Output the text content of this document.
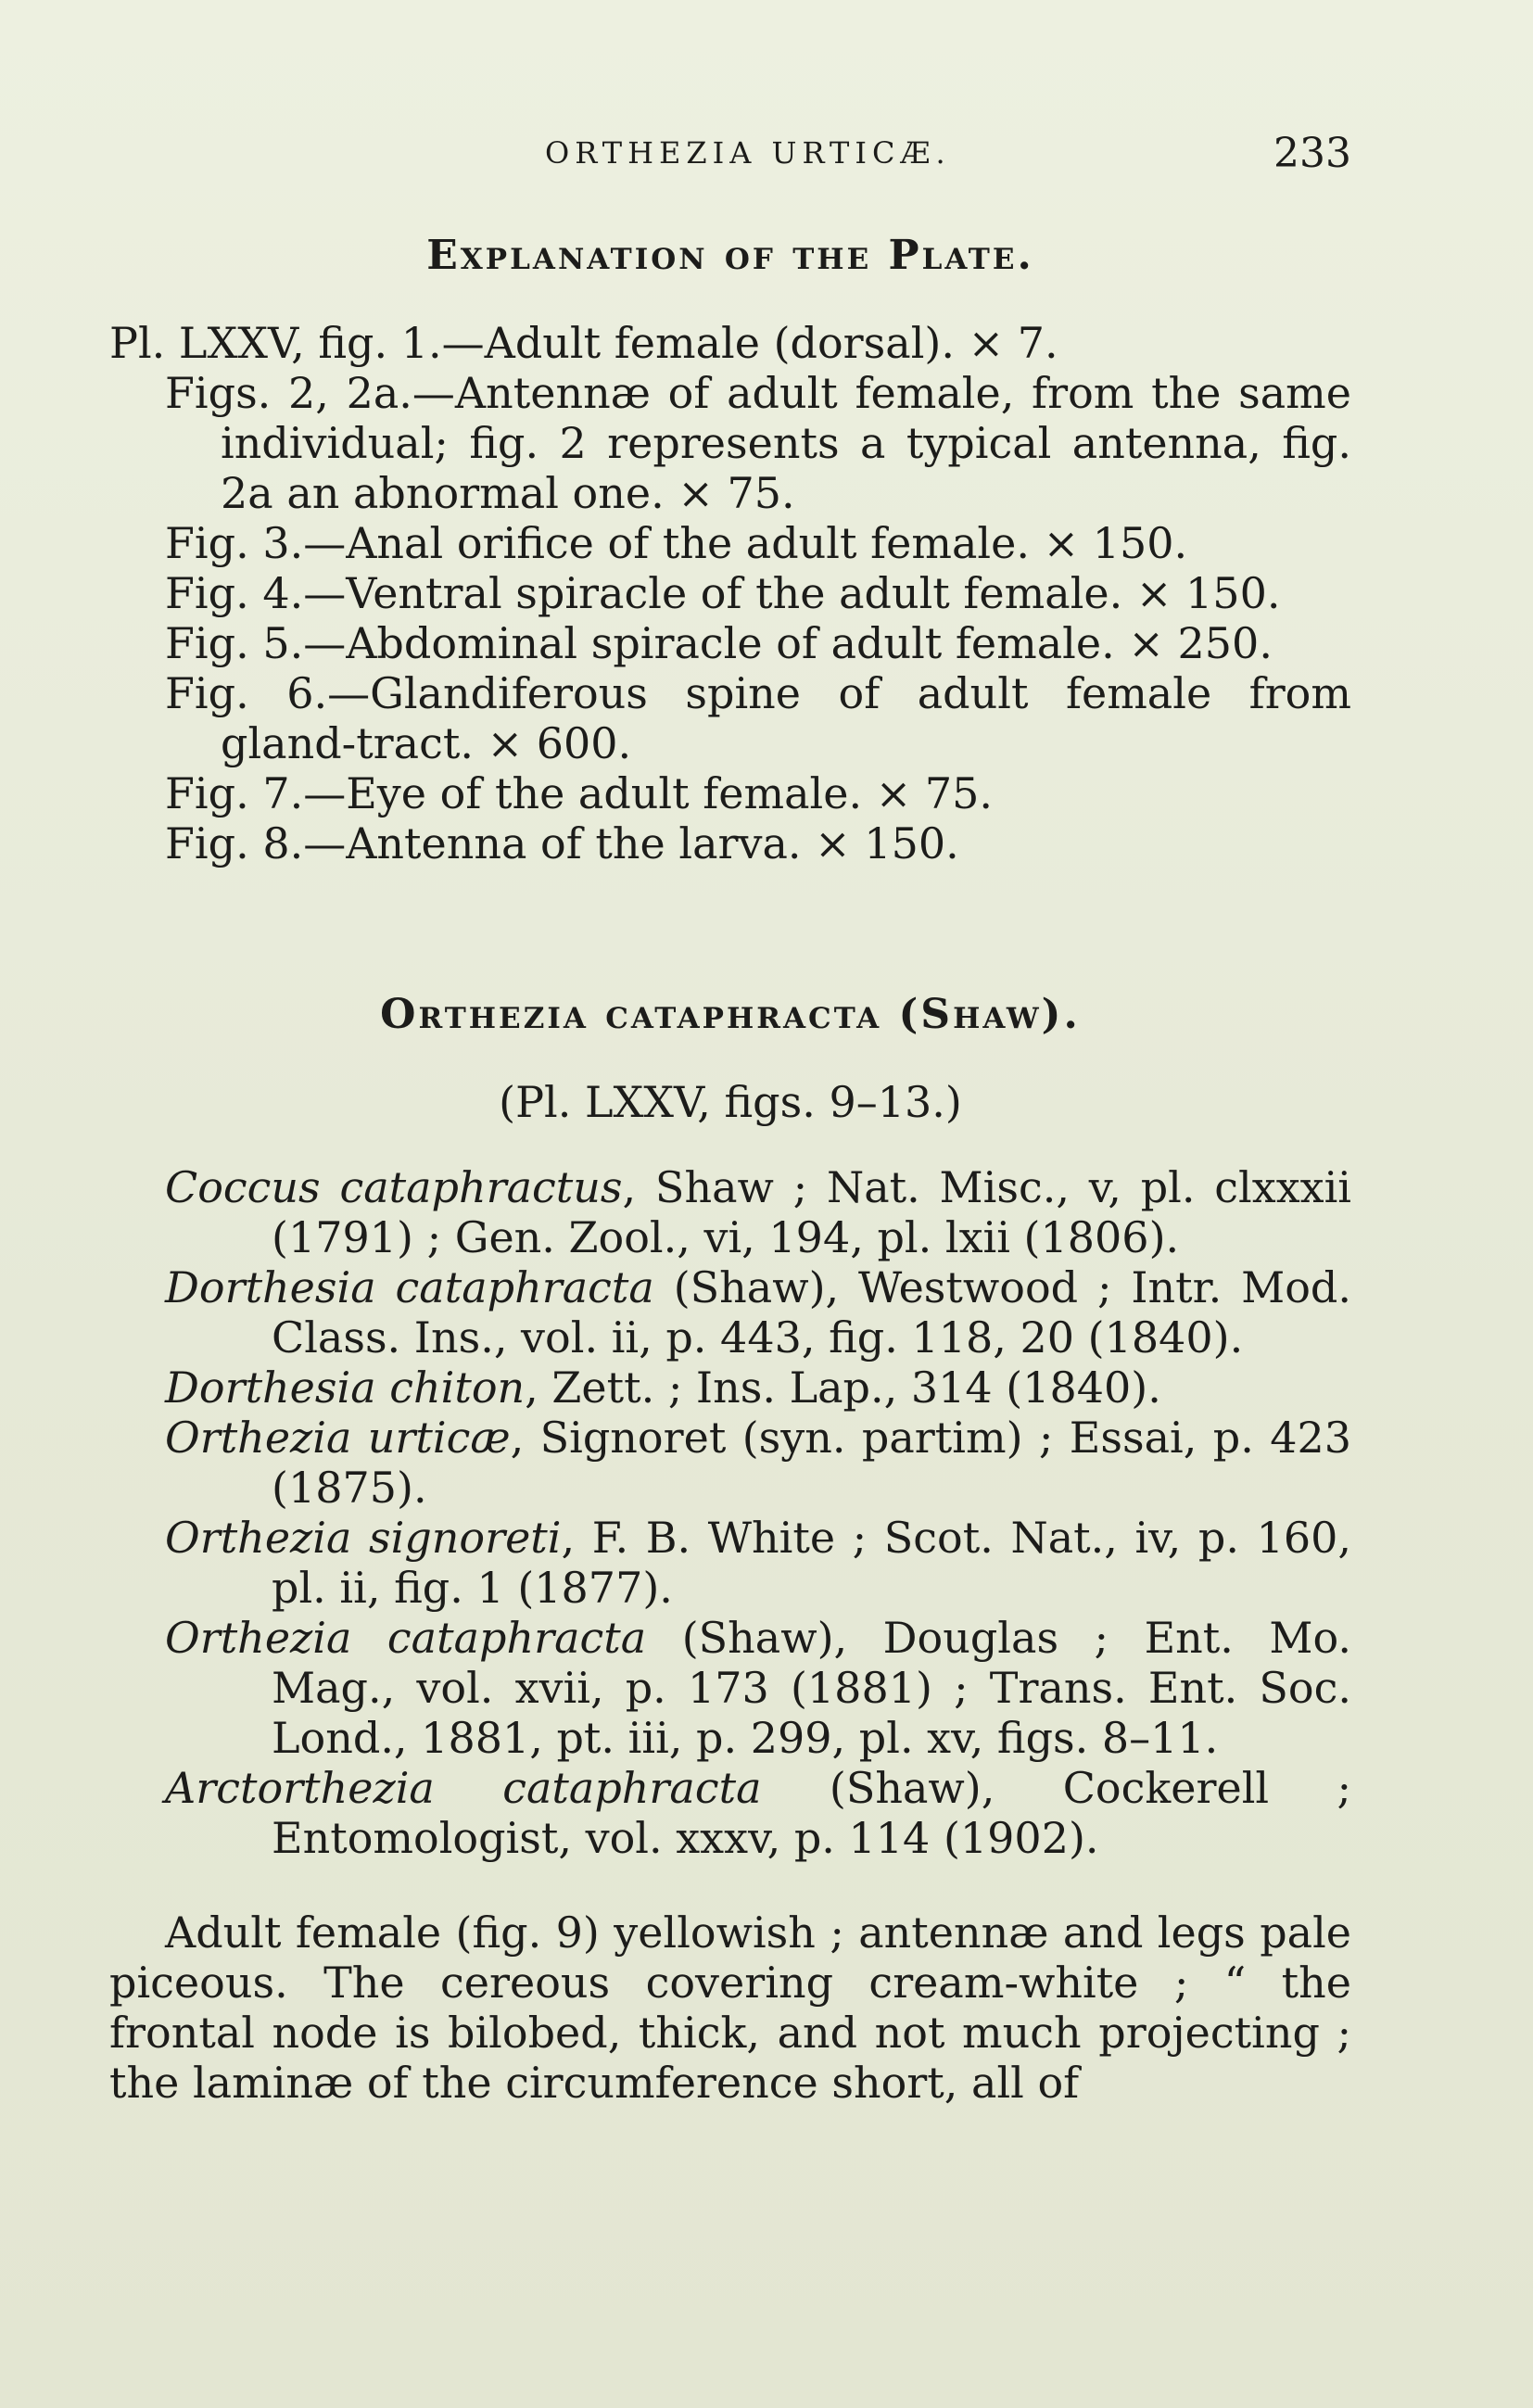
ORTHEZIA URTICÆ.	233
Explanation of the Plate.
Pl. LXXV, fig. 1.—Adult female (dorsal). × 7.
Figs. 2, 2a.—Antennæ of adult female, from the same individual; fig. 2 represents a typical antenna, fig. 2a an abnormal one. × 75.
Fig. 3.—Anal orifice of the adult female. × 150.
Fig. 4.—Ventral spiracle of the adult female. × 150.
Fig. 5.—Abdominal spiracle of adult female. × 250.
Fig. 6.—Glandiferous spine of adult female from gland-tract. × 600.
Fig. 7.—Eye of the adult female. × 75.
Fig. 8.—Antenna of the larva. × 150.
Orthezia cataphracta (Shaw).

(Pl. LXXV, figs. 9–13.)

Coccus cataphractus, Shaw ; Nat. Misc., v, pl. clxxxii (1791) ; Gen. Zool., vi, 194, pl. lxii (1806).
Dorthesia cataphracta (Shaw), Westwood ; Intr. Mod. Class. Ins., vol. ii, p. 443, fig. 118, 20 (1840).
Dorthesia chiton, Zett. ; Ins. Lap., 314 (1840).
Orthezia urticæ, Signoret (syn. partim) ; Essai, p. 423 (1875).
Orthezia signoreti, F. B. White ; Scot. Nat., iv, p. 160, pl. ii, fig. 1 (1877).
Orthezia cataphracta (Shaw), Douglas ; Ent. Mo. Mag., vol. xvii, p. 173 (1881) ; Trans. Ent. Soc. Lond., 1881, pt. iii, p. 299, pl. xv, figs. 8–11.
Arctorthezia cataphracta (Shaw), Cockerell ; Entomologist, vol. xxxv, p. 114 (1902).

Adult female (fig. 9) yellowish ; antennæ and legs pale piceous. The cereous covering cream-white ; “ the frontal node is bilobed, thick, and not much projecting ; the laminæ of the circumference short, all of
